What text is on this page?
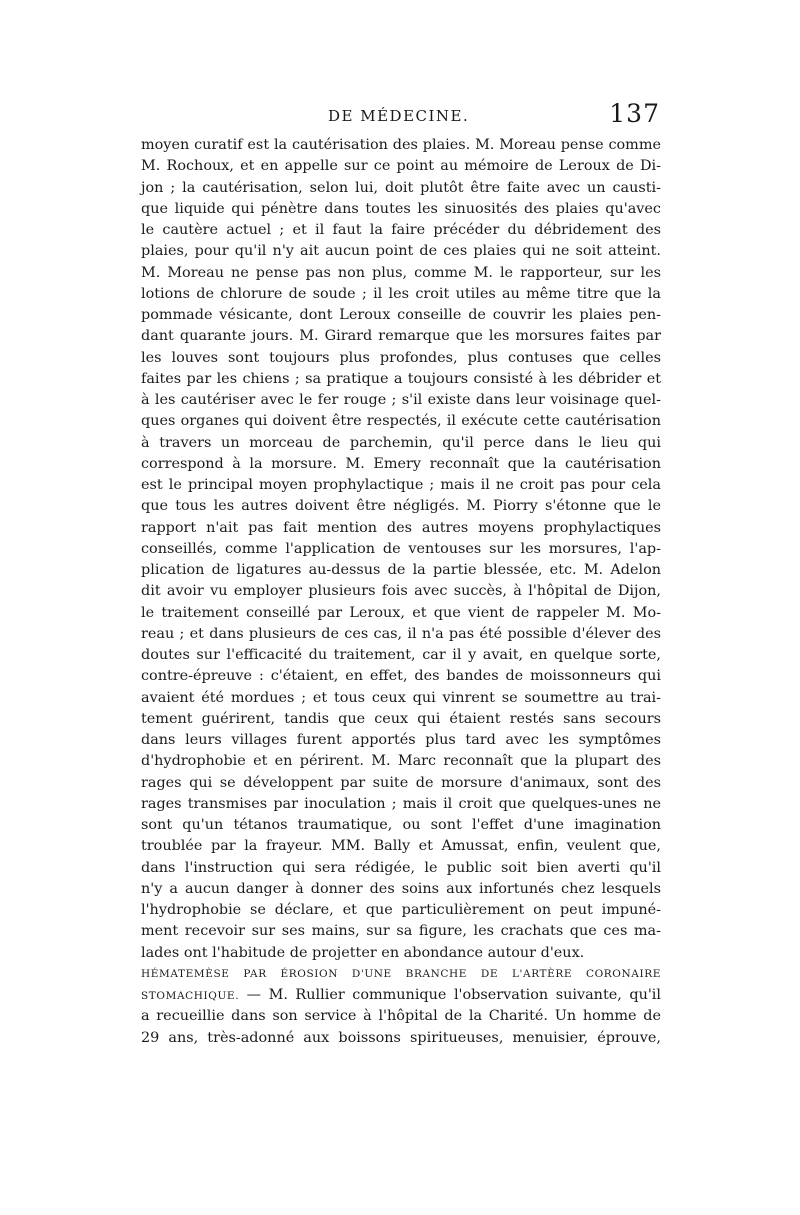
DE MÉDECINE.	137
moyen curatif est la cautérisation des plaies. M. Moreau pense comme
M. Rochoux, et en appelle sur ce point au mémoire de Leroux de Di-
jon ; la cautérisation, selon lui, doit plutôt être faite avec un causti-
que liquide qui pénètre dans toutes les sinuosités des plaies qu'avec
le cautère actuel ; et il faut la faire précéder du débridement des
plaies, pour qu'il n'y ait aucun point de ces plaies qui ne soit atteint.
M. Moreau ne pense pas non plus, comme M. le rapporteur, sur les
lotions de chlorure de soude ; il les croit utiles au même titre que la
pommade vésicante, dont Leroux conseille de couvrir les plaies pen-
dant quarante jours. M. Girard remarque que les morsures faites par
les louves sont toujours plus profondes, plus contuses que celles
faites par les chiens ; sa pratique a toujours consisté à les débrider et
à les cautériser avec le fer rouge ; s'il existe dans leur voisinage quel-
ques organes qui doivent être respectés, il exécute cette cautérisation
à travers un morceau de parchemin, qu'il perce dans le lieu qui
correspond à la morsure. M. Emery reconnaît que la cautérisation
est le principal moyen prophylactique ; mais il ne croit pas pour cela
que tous les autres doivent être négligés. M. Piorry s'étonne que le
rapport n'ait pas fait mention des autres moyens prophylactiques
conseillés, comme l'application de ventouses sur les morsures, l'ap-
plication de ligatures au-dessus de la partie blessée, etc. M. Adelon
dit avoir vu employer plusieurs fois avec succès, à l'hôpital de Dijon,
le traitement conseillé par Leroux, et que vient de rappeler M. Mo-
reau ; et dans plusieurs de ces cas, il n'a pas été possible d'élever des
doutes sur l'efficacité du traitement, car il y avait, en quelque sorte,
contre-épreuve : c'étaient, en effet, des bandes de moissonneurs qui
avaient été mordues ; et tous ceux qui vinrent se soumettre au trai-
tement guérirent, tandis que ceux qui étaient restés sans secours
dans leurs villages furent apportés plus tard avec les symptômes
d'hydrophobie et en périrent. M. Marc reconnaît que la plupart des
rages qui se développent par suite de morsure d'animaux, sont des
rages transmises par inoculation ; mais il croit que quelques-unes ne
sont qu'un tétanos traumatique, ou sont l'effet d'une imagination
troublée par la frayeur. MM. Bally et Amussat, enfin, veulent que,
dans l'instruction qui sera rédigée, le public soit bien averti qu'il
n'y a aucun danger à donner des soins aux infortunés chez lesquels
l'hydrophobie se déclare, et que particulièrement on peut impuné-
ment recevoir sur ses mains, sur sa figure, les crachats que ces ma-
lades ont l'habitude de projetter en abondance autour d'eux.
HÉMATEMÈSE PAR ÉROSION D'UNE BRANCHE DE L'ARTÈRE CORONAIRE
STOMACHIQUE. — M. Rullier communique l'observation suivante, qu'il
a recueillie dans son service à l'hôpital de la Charité. Un homme de
29 ans, très-adonné aux boissons spiritueuses, menuisier, éprouve,
